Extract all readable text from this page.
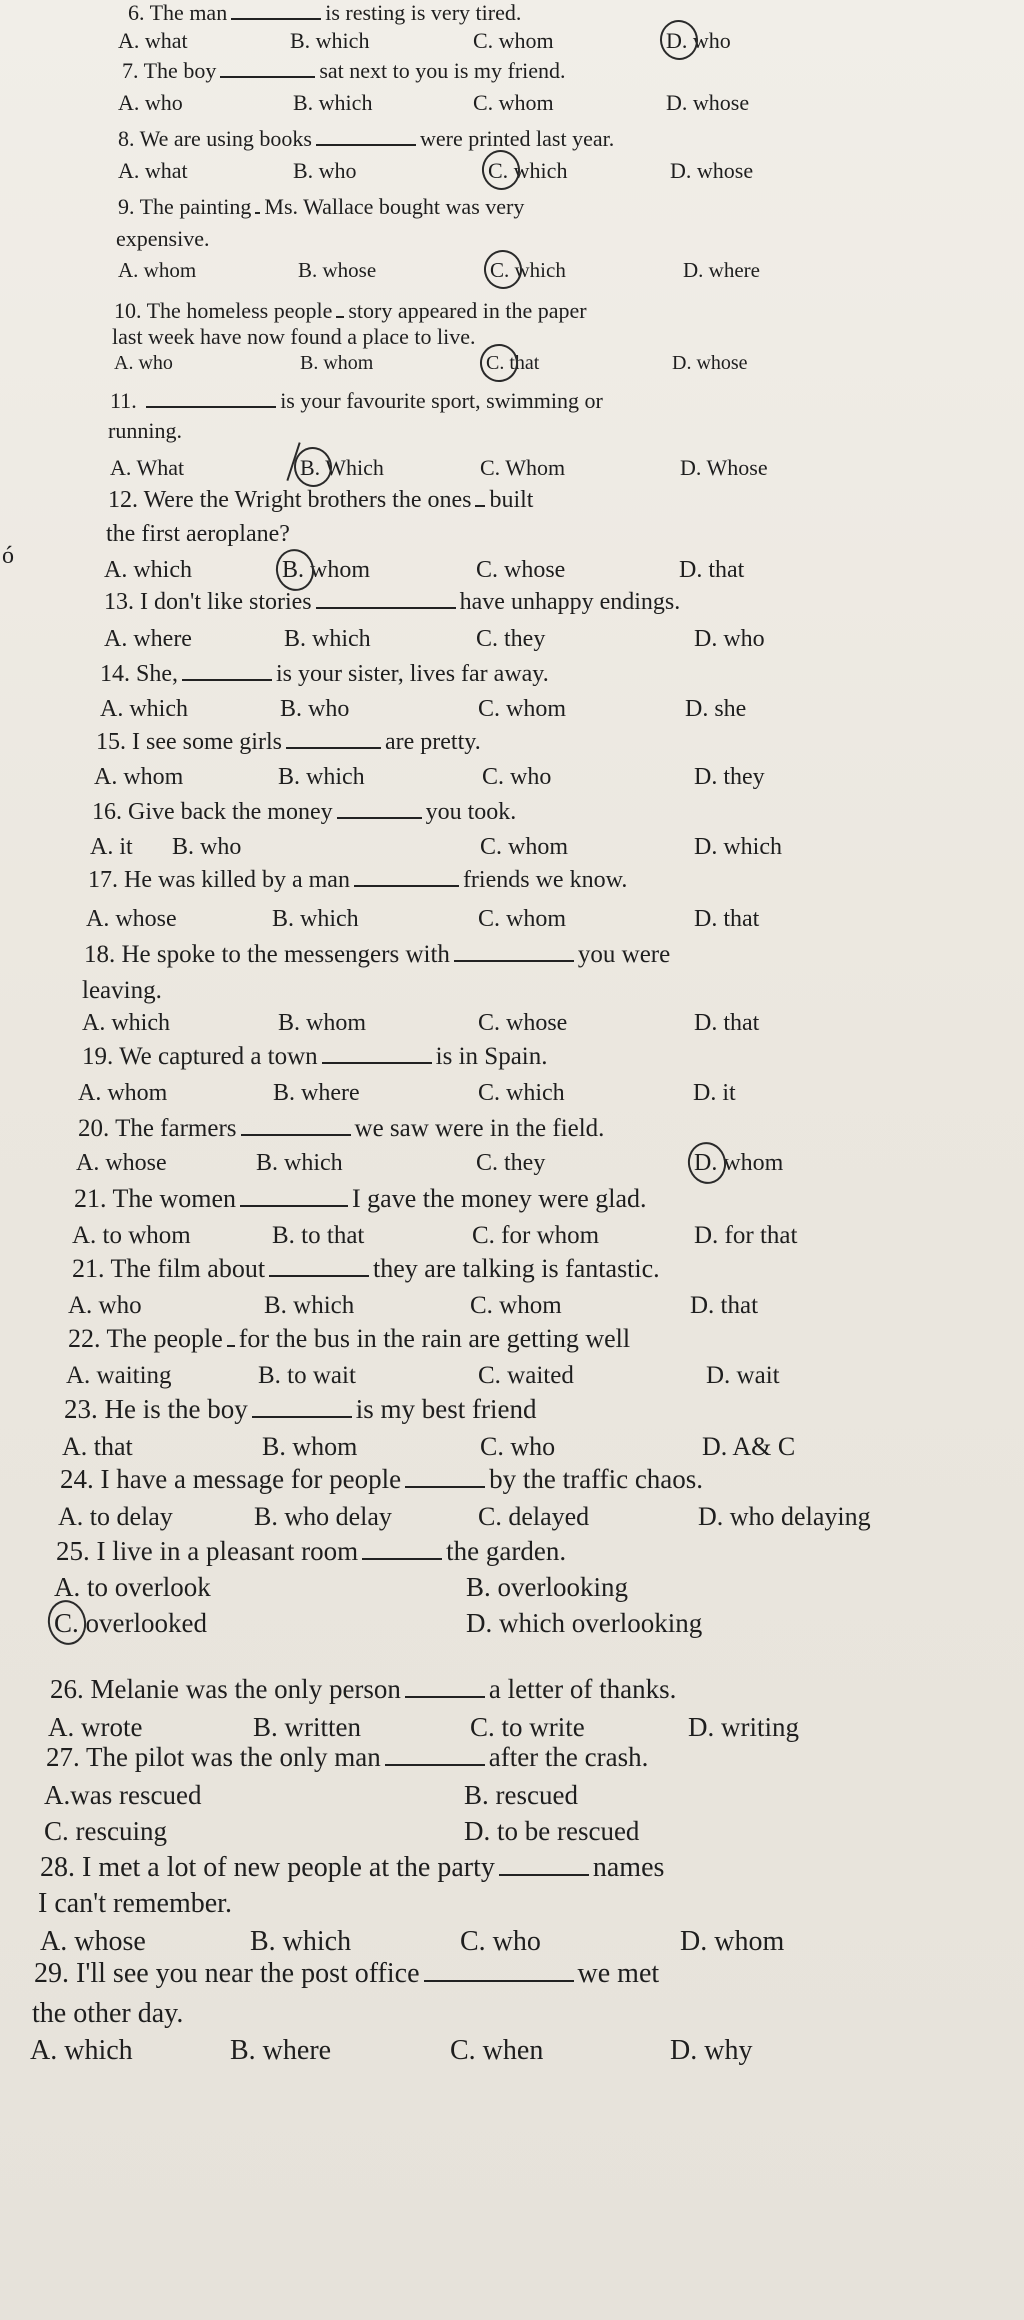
ó
6. The man	is resting is very tired.
A. what	B. which	C. whom	D. who
7. The boy	sat next to you is my friend.
A. who	B. which	C. whom	D. whose
8. We are using books	were printed last year.
A. what	B. who	C. which	D. whose
9. The painting Ms. Wallace bought was very
expensive.
A. whom	B. whose	C. which	D. where
10. The homeless people story appeared in the paper
last week have now found a place to live.
A. who	B. whom	C. that	D. whose
11.	is your favourite sport, swimming or
running.
A. What	B. Which	C. Whom	D. Whose
12. Were the Wright brothers the ones built
the first aeroplane?
A. which	B. whom	C. whose	D. that
13. I don't like stories	have unhappy endings.
A. where	B. which	C. they	D. who
14. She,	is your sister, lives far away.
A. which	B. who	C. whom	D. she
15. I see some girls	are pretty.
A. whom	B. which	C. who	D. they
16. Give back the money	you took.
A. it B. who	C. whom	D. which
17. He was killed by a man	friends we know.
A. whose	B. which	C. whom	D. that
18. He spoke to the messengers with	you were
leaving.
A. which	B. whom	C. whose	D. that
19. We captured a town	is in Spain.
A. whom	B. where	C. which	D. it
20. The farmers	we saw were in the field.
A. whose	B. which	C. they	D. whom
21. The women	I gave the money were glad.
A. to whom	B. to that	C. for whom	D. for that
21. The film about	they are talking is fantastic.
A. who	B. which	C. whom	D. that
22. The people for the bus in the rain are getting well
A. waiting	B. to wait	C. waited	D. wait
23. He is the boy	is my best friend
A. that	B. whom	C. who	D. A& C
24. I have a message for people	by the traffic chaos.
A. to delay	B. who delay	C. delayed	D. who delaying
25. I live in a pleasant room	the garden.
A. to overlook	B. overlooking
C. overlooked	D. which overlooking
26. Melanie was the only person	a letter of thanks.
A. wrote	B. written	C. to write	D. writing
27. The pilot was the only man	after the crash.
A.was rescued	B. rescued
C. rescuing	D. to be rescued
28. I met a lot of new people at the party	names
I can't remember.
A. whose	B. which	C. who	D. whom
29. I'll see you near the post office	we met
the other day.
A. which	B. where	C. when	D. why
